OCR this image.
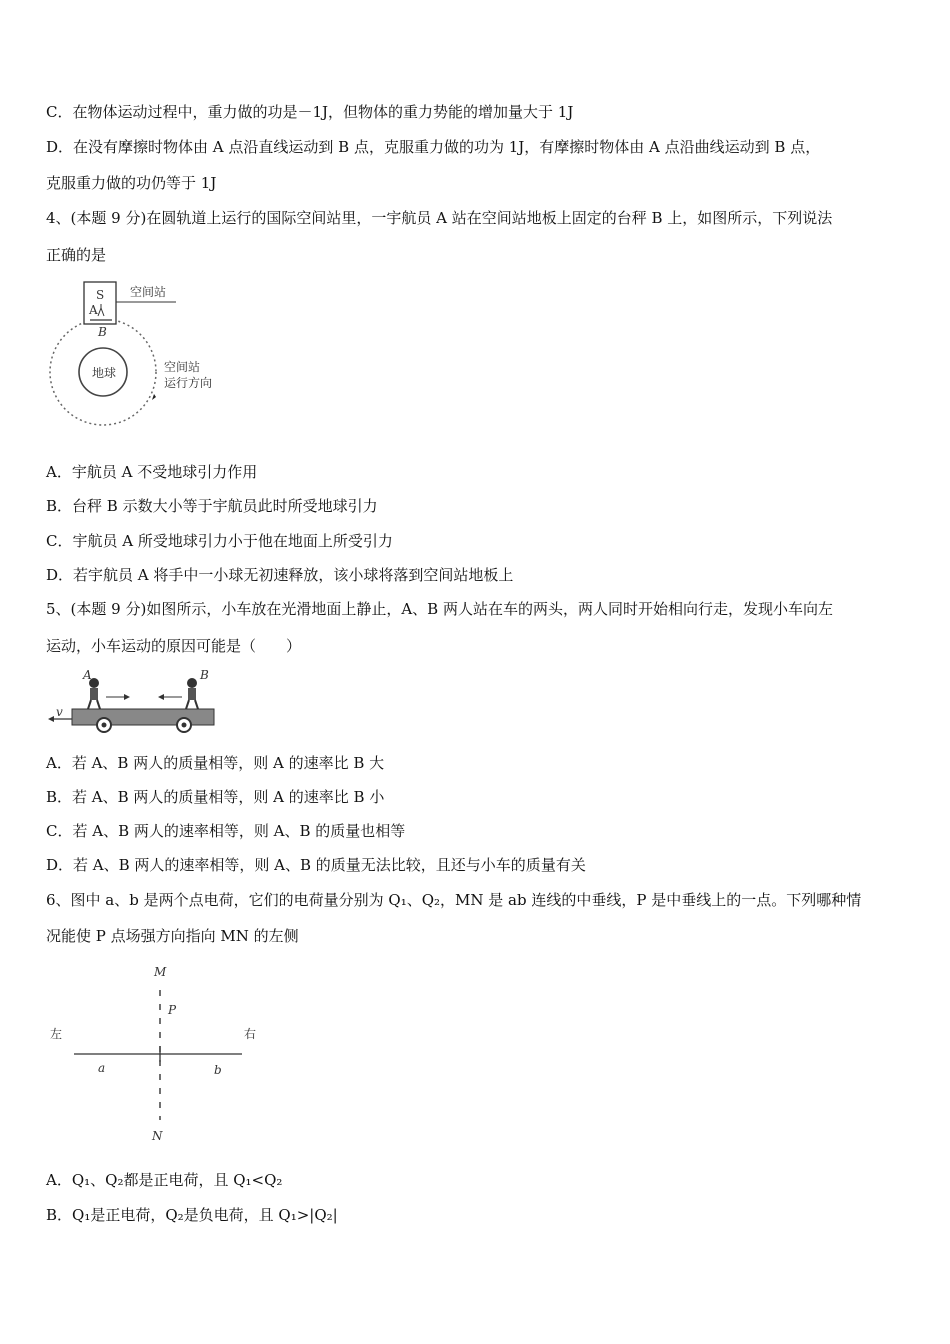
C．在物体运动过程中，重力做的功是－1J，但物体的重力势能的增加量大于 1J
D．在没有摩擦时物体由 A 点沿直线运动到 B 点，克服重力做的功为 1J，有摩擦时物体由 A 点沿曲线运动到 B 点，
克服重力做的功仍等于 1J
4、(本题 9 分)在圆轨道上运行的国际空间站里，一宇航员 A 站在空间站地板上固定的台秤 B 上，如图所示，下列说法
正确的是
地球
S
A
B
空间站
空间站
运行方向
A．宇航员 A 不受地球引力作用
B．台秤 B 示数大小等于宇航员此时所受地球引力
C．宇航员 A 所受地球引力小于他在地面上所受引力
D．若宇航员 A 将手中一小球无初速释放，该小球将落到空间站地板上
5、(本题 9 分)如图所示，小车放在光滑地面上静止，A、B 两人站在车的两头，两人同时开始相向行走，发现小车向左
运动，小车运动的原因可能是（　　）
v
A	B
A．若 A、B 两人的质量相等，则 A 的速率比 B 大
B．若 A、B 两人的质量相等，则 A 的速率比 B 小
C．若 A、B 两人的速率相等，则 A、B 的质量也相等
D．若 A、B 两人的速率相等，则 A、B 的质量无法比较，且还与小车的质量有关
6、图中 a、b 是两个点电荷，它们的电荷量分别为 Q₁、Q₂，MN 是 ab 连线的中垂线，P 是中垂线上的一点。下列哪种情
况能使 P 点场强方向指向 MN 的左侧
M
P
左	右
a	b
N
A．Q₁、Q₂都是正电荷，且 Q₁<Q₂
B．Q₁是正电荷，Q₂是负电荷，且 Q₁>|Q₂|
